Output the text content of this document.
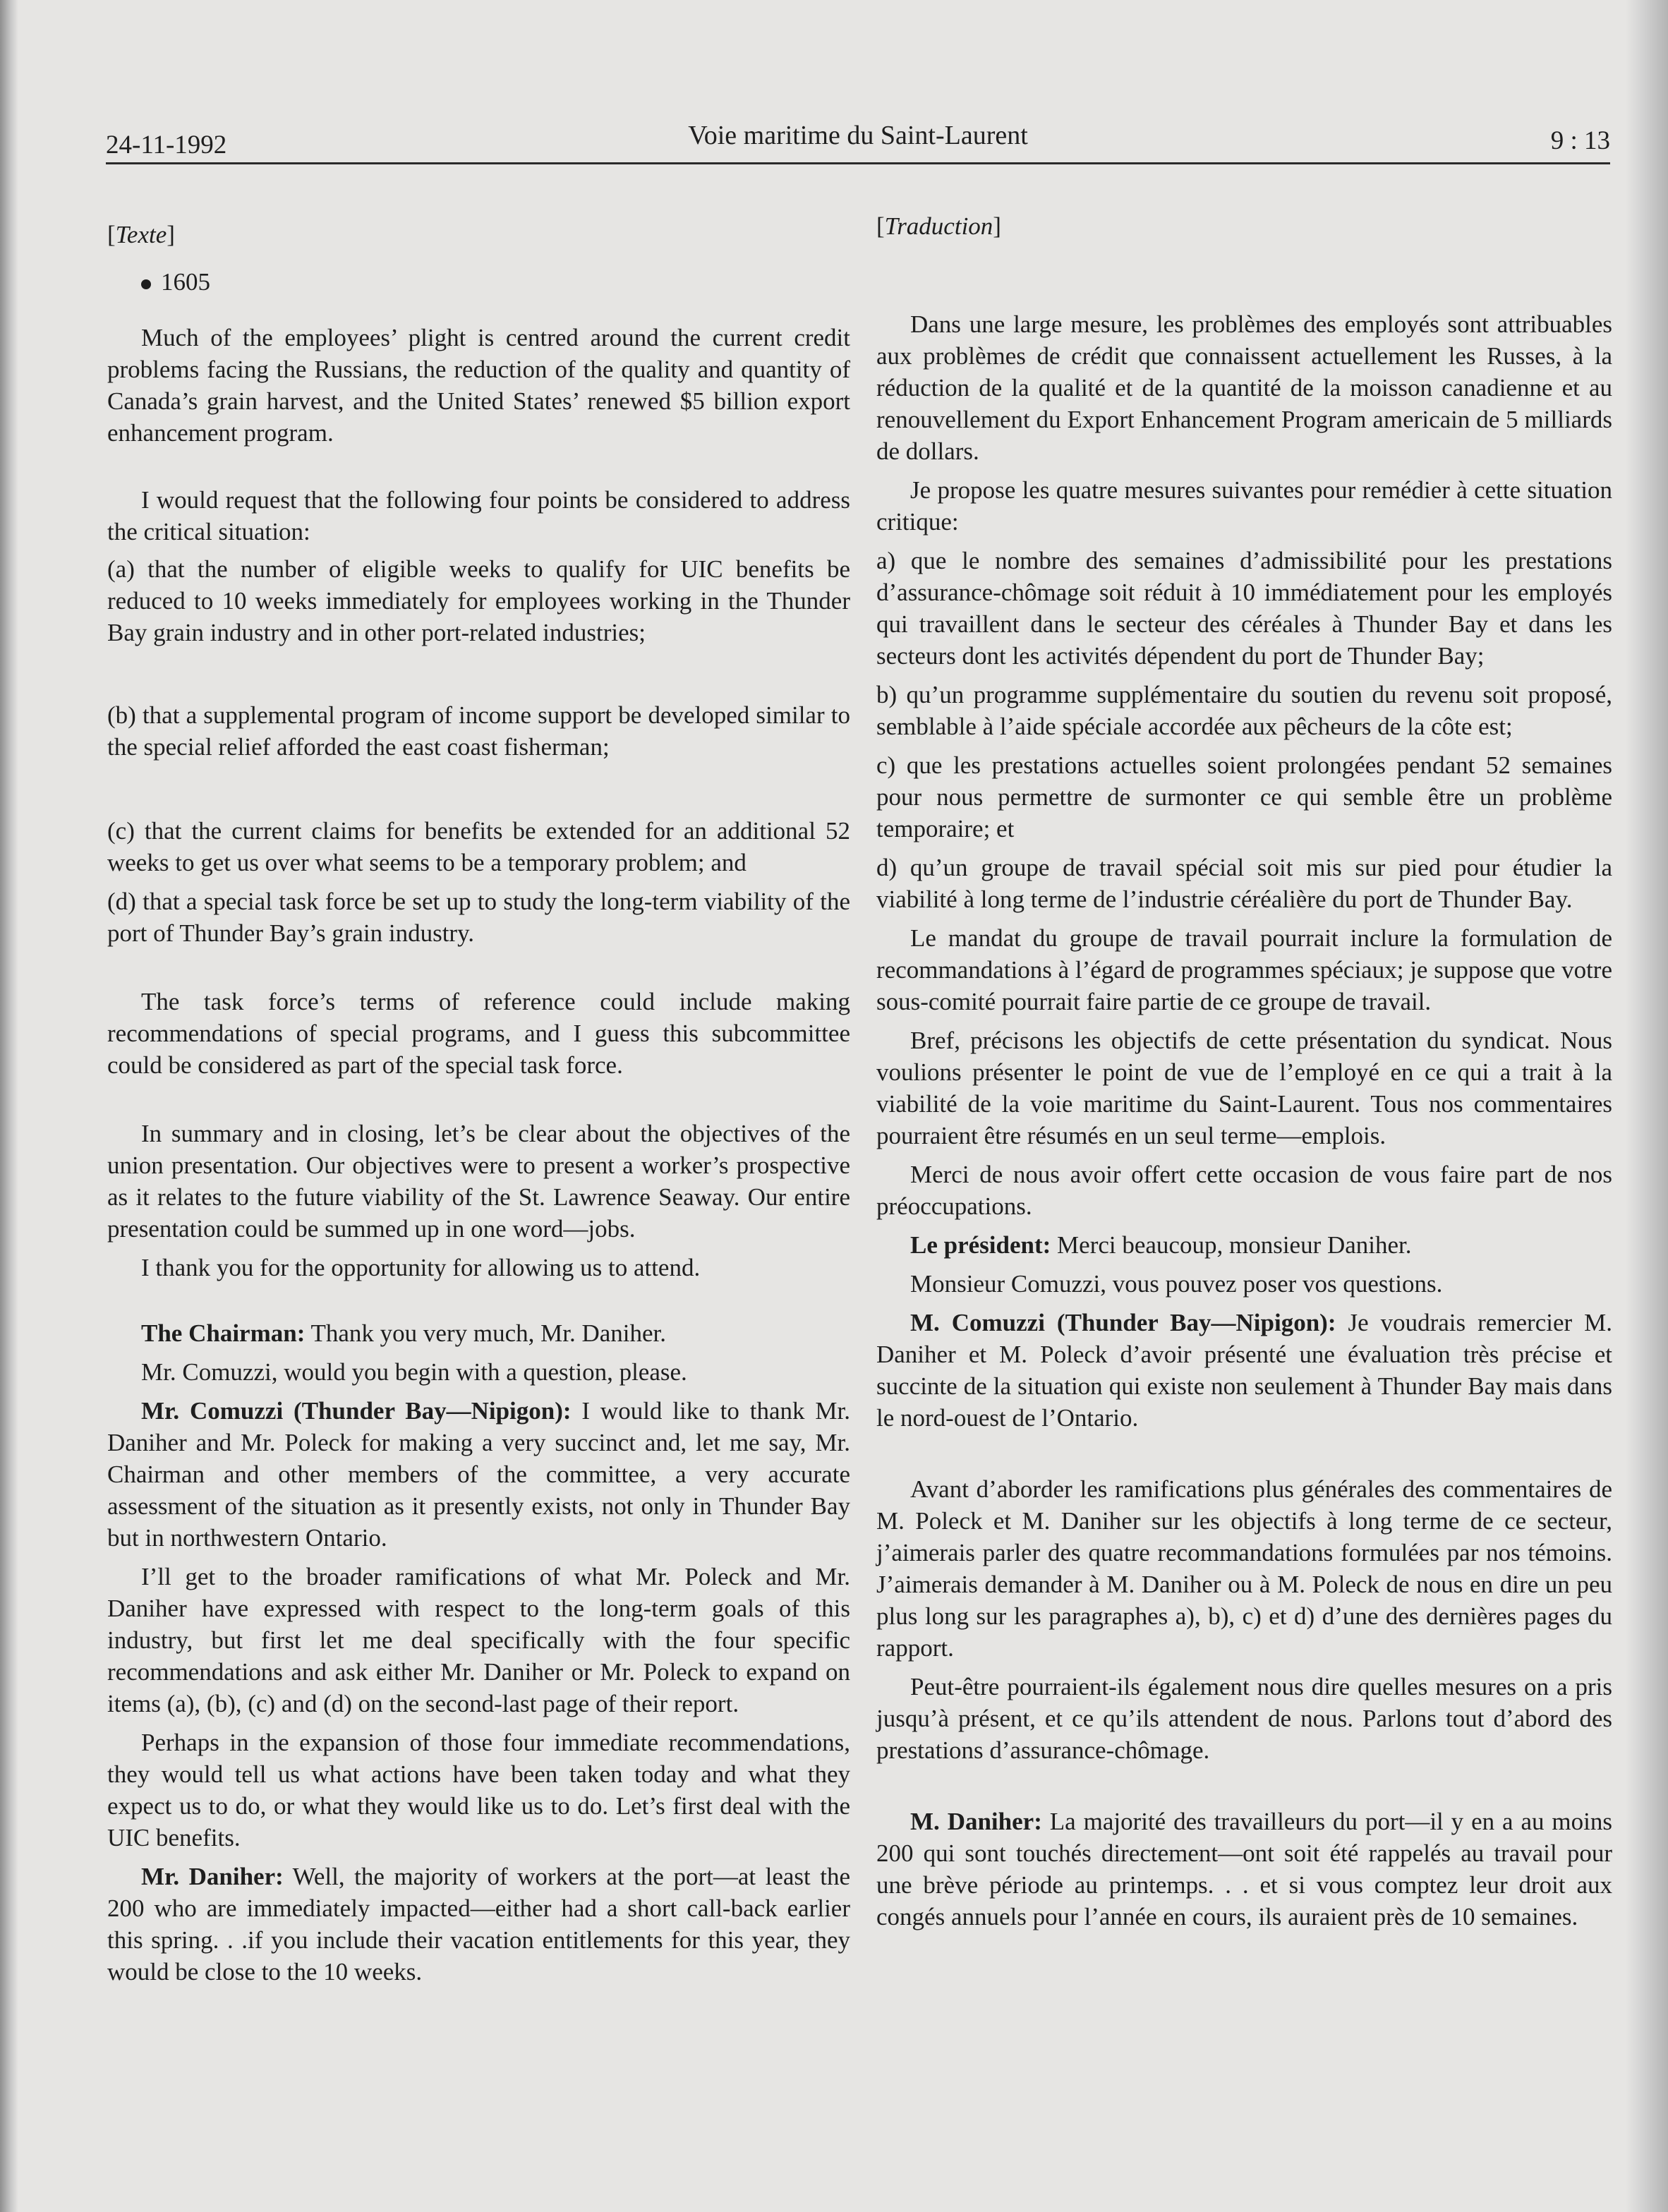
24-11-1992	Voie maritime du Saint-Laurent	9 : 13

[Texte]

1605

Much of the employees’ plight is centred around the current credit problems facing the Russians, the reduction of the quality and quantity of Canada’s grain harvest, and the United States’ renewed $5 billion export enhancement program.

I would request that the following four points be considered to address the critical situation:

(a) that the number of eligible weeks to qualify for UIC benefits be reduced to 10 weeks immediately for employees working in the Thunder Bay grain industry and in other port-related industries;

(b) that a supplemental program of income support be developed similar to the special relief afforded the east coast fisherman;

(c) that the current claims for benefits be extended for an additional 52 weeks to get us over what seems to be a temporary problem; and

(d) that a special task force be set up to study the long-term viability of the port of Thunder Bay’s grain industry.

The task force’s terms of reference could include making recommendations of special programs, and I guess this subcommittee could be considered as part of the special task force.

In summary and in closing, let’s be clear about the objectives of the union presentation. Our objectives were to present a worker’s prospective as it relates to the future viability of the St. Lawrence Seaway. Our entire presentation could be summed up in one word—jobs.

I thank you for the opportunity for allowing us to attend.

The Chairman: Thank you very much, Mr. Daniher.

Mr. Comuzzi, would you begin with a question, please.

Mr. Comuzzi (Thunder Bay—Nipigon): I would like to thank Mr. Daniher and Mr. Poleck for making a very succinct and, let me say, Mr. Chairman and other members of the committee, a very accurate assessment of the situation as it presently exists, not only in Thunder Bay but in northwestern Ontario.

I’ll get to the broader ramifications of what Mr. Poleck and Mr. Daniher have expressed with respect to the long-term goals of this industry, but first let me deal specifically with the four specific recommendations and ask either Mr. Daniher or Mr. Poleck to expand on items (a), (b), (c) and (d) on the second-last page of their report.

Perhaps in the expansion of those four immediate recommendations, they would tell us what actions have been taken today and what they expect us to do, or what they would like us to do. Let’s first deal with the UIC benefits.

Mr. Daniher: Well, the majority of workers at the port—at least the 200 who are immediately impacted—either had a short call-back earlier this spring. . .if you include their vacation entitlements for this year, they would be close to the 10 weeks.

[Traduction]

Dans une large mesure, les problèmes des employés sont attribuables aux problèmes de crédit que connaissent actuellement les Russes, à la réduction de la qualité et de la quantité de la moisson canadienne et au renouvellement du Export Enhancement Program americain de 5 milliards de dollars.

Je propose les quatre mesures suivantes pour remédier à cette situation critique:

a) que le nombre des semaines d’admissibilité pour les prestations d’assurance-chômage soit réduit à 10 immédiatement pour les employés qui travaillent dans le secteur des céréales à Thunder Bay et dans les secteurs dont les activités dépendent du port de Thunder Bay;

b) qu’un programme supplémentaire du soutien du revenu soit proposé, semblable à l’aide spéciale accordée aux pêcheurs de la côte est;

c) que les prestations actuelles soient prolongées pendant 52 semaines pour nous permettre de surmonter ce qui semble être un problème temporaire; et

d) qu’un groupe de travail spécial soit mis sur pied pour étudier la viabilité à long terme de l’industrie céréalière du port de Thunder Bay.

Le mandat du groupe de travail pourrait inclure la formulation de recommandations à l’égard de programmes spéciaux; je suppose que votre sous-comité pourrait faire partie de ce groupe de travail.

Bref, précisons les objectifs de cette présentation du syndicat. Nous voulions présenter le point de vue de l’employé en ce qui a trait à la viabilité de la voie maritime du Saint-Laurent. Tous nos commentaires pourraient être résumés en un seul terme—emplois.

Merci de nous avoir offert cette occasion de vous faire part de nos préoccupations.

Le président: Merci beaucoup, monsieur Daniher.

Monsieur Comuzzi, vous pouvez poser vos questions.

M. Comuzzi (Thunder Bay—Nipigon): Je voudrais remercier M. Daniher et M. Poleck d’avoir présenté une évaluation très précise et succinte de la situation qui existe non seulement à Thunder Bay mais dans le nord-ouest de l’Ontario.

Avant d’aborder les ramifications plus générales des commentaires de M. Poleck et M. Daniher sur les objectifs à long terme de ce secteur, j’aimerais parler des quatre recommandations formulées par nos témoins. J’aimerais demander à M. Daniher ou à M. Poleck de nous en dire un peu plus long sur les paragraphes a), b), c) et d) d’une des dernières pages du rapport.

Peut-être pourraient-ils également nous dire quelles mesures on a pris jusqu’à présent, et ce qu’ils attendent de nous. Parlons tout d’abord des prestations d’assurance-chômage.

M. Daniher: La majorité des travailleurs du port—il y en a au moins 200 qui sont touchés directement—ont soit été rappelés au travail pour une brève période au printemps. . . et si vous comptez leur droit aux congés annuels pour l’année en cours, ils auraient près de 10 semaines.
